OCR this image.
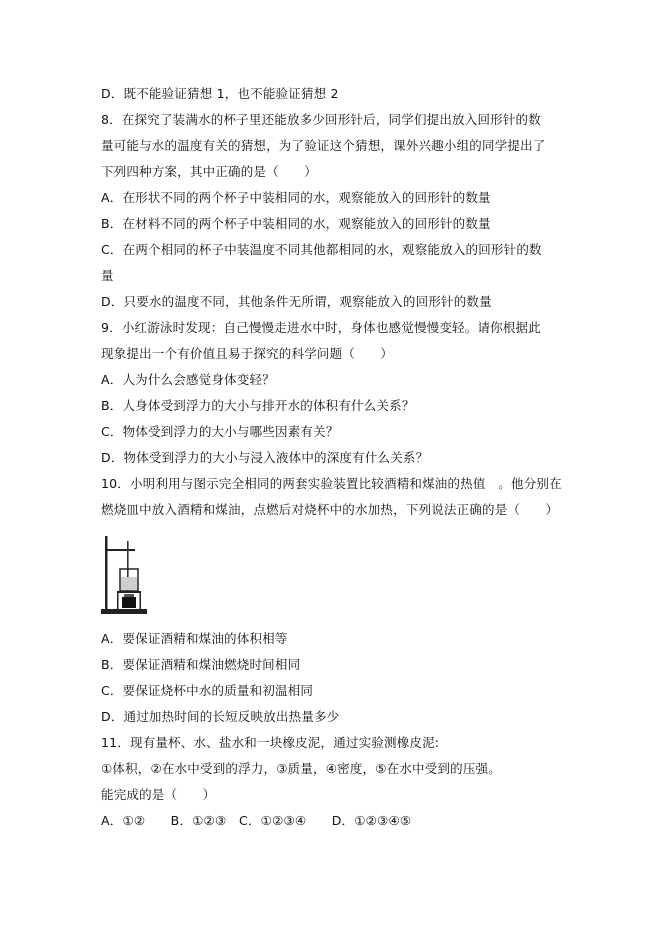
D．既不能验证猜想 1，也不能验证猜想 2
8．在探究了装满水的杯子里还能放多少回形针后，同学们提出放入回形针的数
量可能与水的温度有关的猜想，为了验证这个猜想，课外兴趣小组的同学提出了
下列四种方案，其中正确的是（　　）
A．在形状不同的两个杯子中装相同的水，观察能放入的回形针的数量
B．在材料不同的两个杯子中装相同的水，观察能放入的回形针的数量
C．在两个相同的杯子中装温度不同其他都相同的水，观察能放入的回形针的数
量
D．只要水的温度不同，其他条件无所谓，观察能放入的回形针的数量
9．小红游泳时发现：自己慢慢走进水中时，身体也感觉慢慢变轻。请你根据此
现象提出一个有价值且易于探究的科学问题（　　）
A．人为什么会感觉身体变轻？
B．人身体受到浮力的大小与排开水的体积有什么关系？
C．物体受到浮力的大小与哪些因素有关？
D．物体受到浮力的大小与浸入液体中的深度有什么关系？
10．小明利用与图示完全相同的两套实验装置比较酒精和煤油的热值　。他分别在
燃烧皿中放入酒精和煤油，点燃后对烧杯中的水加热，下列说法正确的是（　　）
A．要保证酒精和煤油的体积相等
B．要保证酒精和煤油燃烧时间相同
C．要保证烧杯中水的质量和初温相同
D．通过加热时间的长短反映放出热量多少
11．现有量杯、水、盐水和一块橡皮泥，通过实验测橡皮泥:
①体积，②在水中受到的浮力，③质量，④密度，⑤在水中受到的压强。
能完成的是（　　）
A．①②　　B．①②③　C．①②③④　　D．①②③④⑤
